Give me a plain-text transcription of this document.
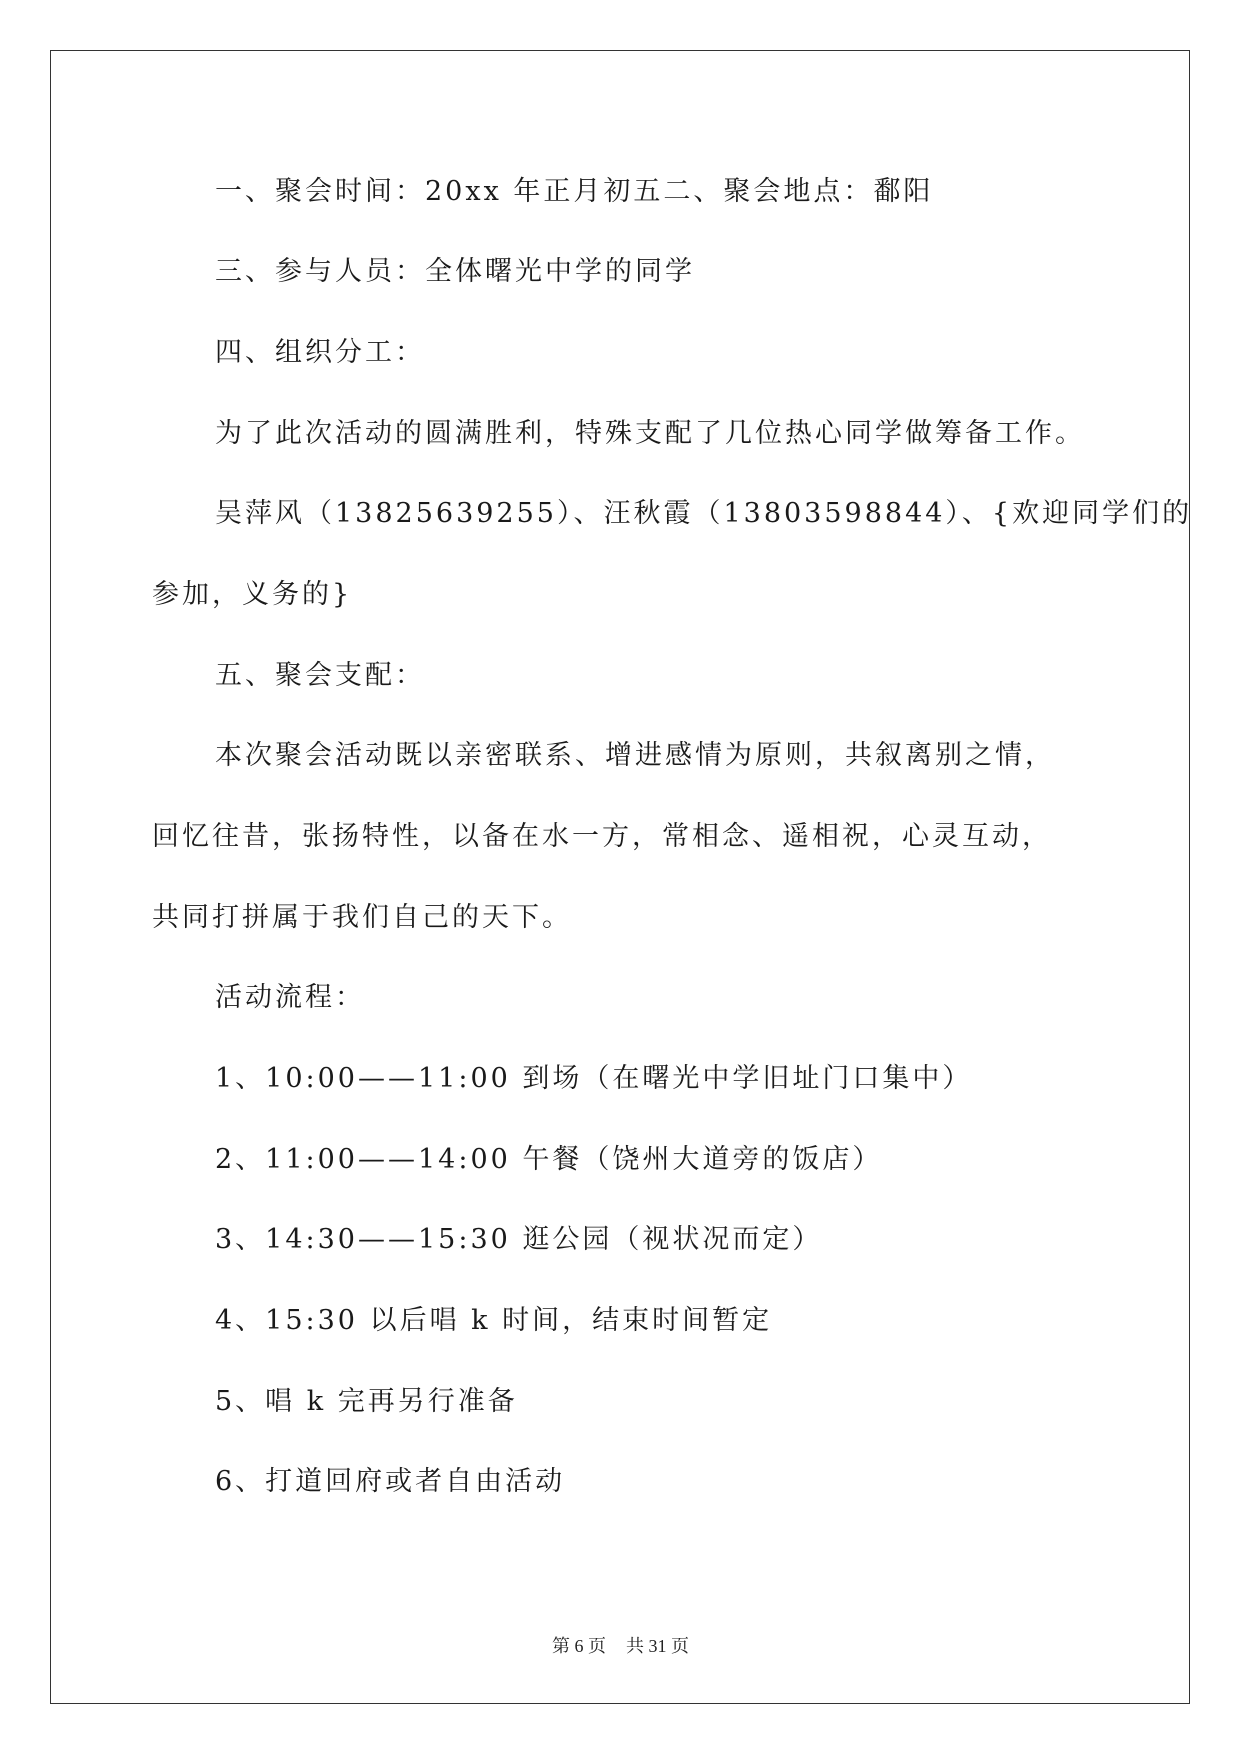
一、聚会时间：20xx 年正月初五二、聚会地点：鄱阳
三、参与人员：全体曙光中学的同学
四、组织分工：
为了此次活动的圆满胜利，特殊支配了几位热心同学做筹备工作。
吴萍风（13825639255）、汪秋霞（13803598844）、{欢迎同学们的
参加，义务的}
五、聚会支配：
本次聚会活动既以亲密联系、增进感情为原则，共叙离别之情，
回忆往昔，张扬特性，以备在水一方，常相念、遥相祝，心灵互动，
共同打拼属于我们自己的天下。
活动流程：
1、10:00——11:00 到场（在曙光中学旧址门口集中）
2、11:00——14:00 午餐（饶州大道旁的饭店）
3、14:30——15:30 逛公园（视状况而定）
4、15:30 以后唱 k 时间，结束时间暂定
5、唱 k 完再另行准备
6、打道回府或者自由活动
第 6 页 共 31 页
